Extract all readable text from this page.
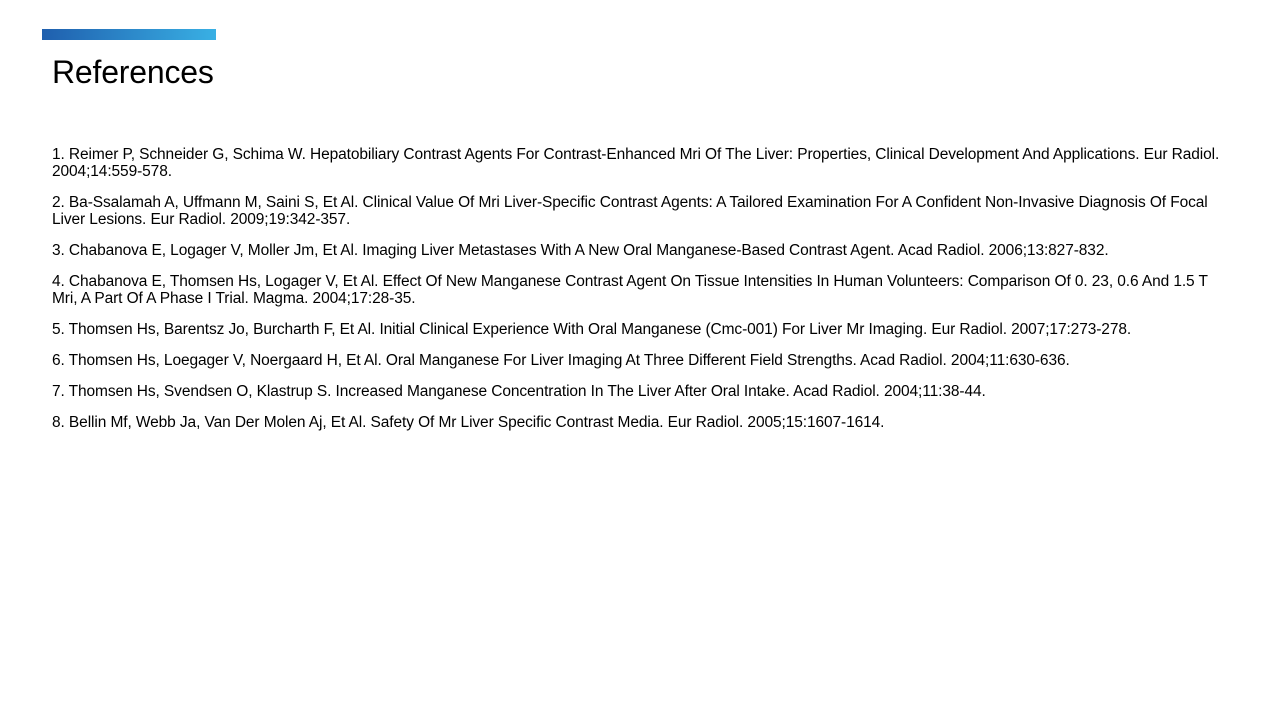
References
1. Reimer P, Schneider G, Schima W. Hepatobiliary Contrast Agents For Contrast-Enhanced Mri Of The Liver: Properties, Clinical Development And Applications. Eur Radiol. 2004;14:559-578.
2. Ba-Ssalamah A, Uffmann M, Saini S, Et Al. Clinical Value Of Mri Liver-Specific Contrast Agents: A Tailored Examination For A Confident Non-Invasive Diagnosis Of Focal Liver Lesions. Eur Radiol. 2009;19:342-357.
3. Chabanova E, Logager V, Moller Jm, Et Al. Imaging Liver Metastases With A New Oral Manganese-Based Contrast Agent. Acad Radiol. 2006;13:827-832.
4. Chabanova E, Thomsen Hs, Logager V, Et Al. Effect Of New Manganese Contrast Agent On Tissue Intensities In Human Volunteers: Comparison Of 0. 23, 0.6 And 1.5 T Mri, A Part Of A Phase I Trial. Magma. 2004;17:28-35.
5. Thomsen Hs, Barentsz Jo, Burcharth F, Et Al. Initial Clinical Experience With Oral Manganese (Cmc-001) For Liver Mr Imaging. Eur Radiol. 2007;17:273-278.
6. Thomsen Hs, Loegager V, Noergaard H, Et Al. Oral Manganese For Liver Imaging At Three Different Field Strengths. Acad Radiol. 2004;11:630-636.
7. Thomsen Hs, Svendsen O, Klastrup S. Increased Manganese Concentration In The Liver After Oral Intake. Acad Radiol. 2004;11:38-44.
8. Bellin Mf, Webb Ja, Van Der Molen Aj, Et Al. Safety Of Mr Liver Specific Contrast Media. Eur Radiol. 2005;15:1607-1614.
